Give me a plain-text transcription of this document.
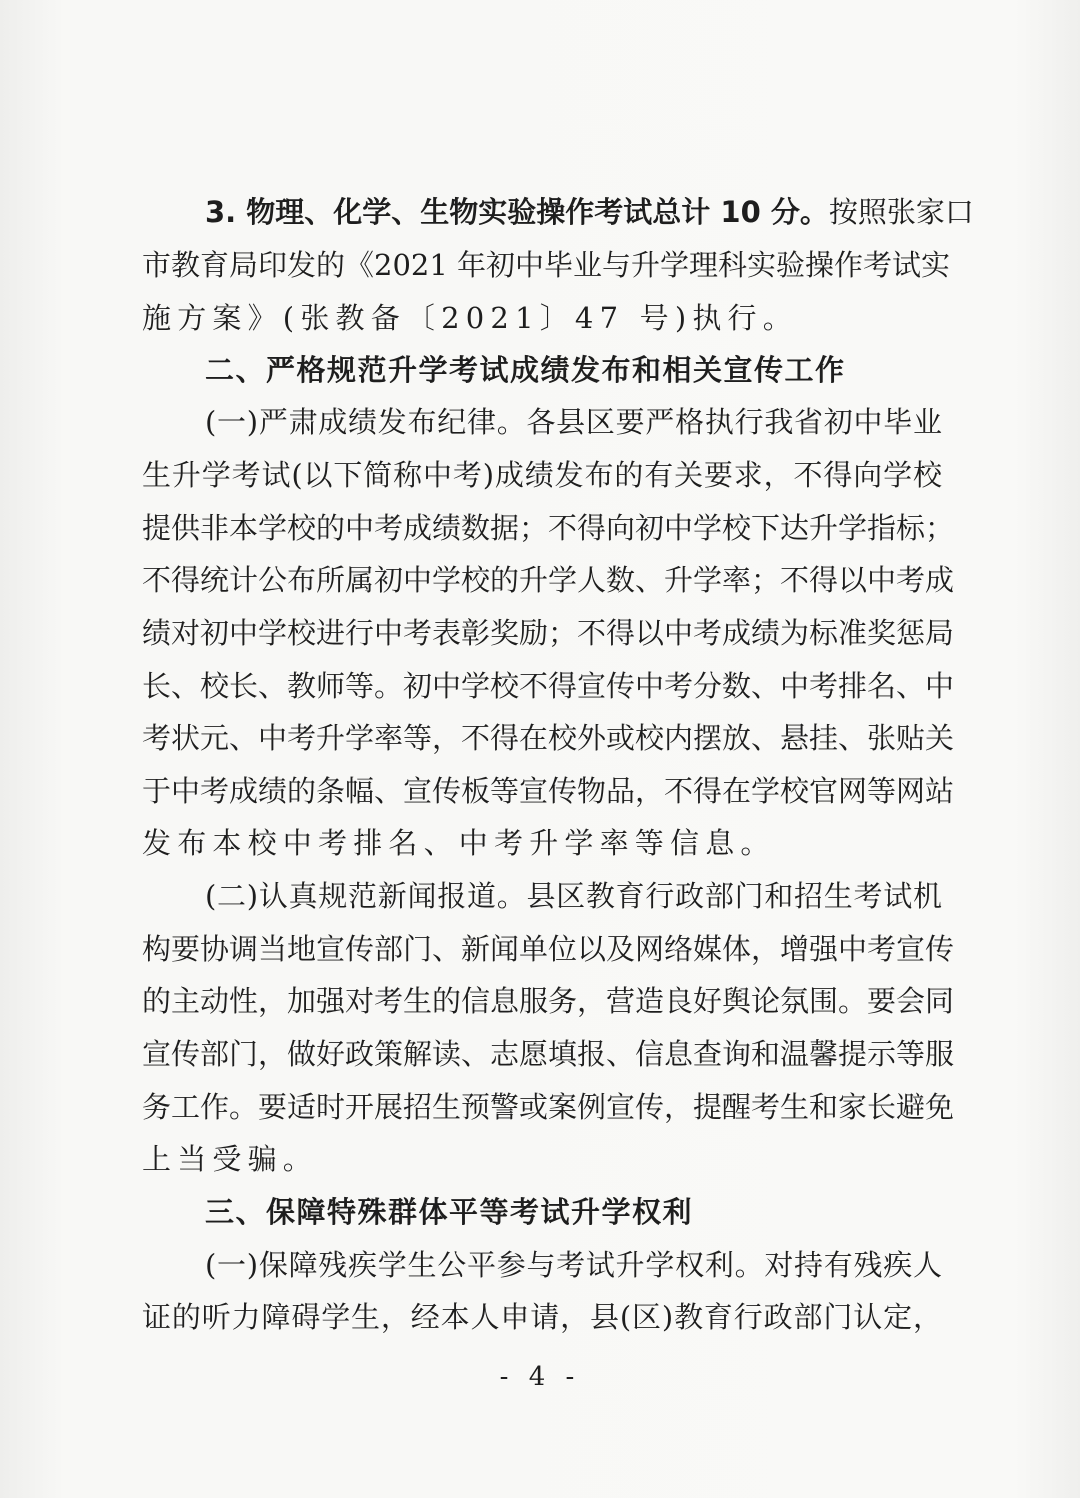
3. 物理、化学、生物实验操作考试总计 10 分。按照张家口
市教育局印发的《2021 年初中毕业与升学理科实验操作考试实
施方案》(张教备〔2021〕47 号)执行。
二、严格规范升学考试成绩发布和相关宣传工作
(一)严肃成绩发布纪律。各县区要严格执行我省初中毕业
生升学考试(以下简称中考)成绩发布的有关要求，不得向学校
提供非本学校的中考成绩数据；不得向初中学校下达升学指标；
不得统计公布所属初中学校的升学人数、升学率；不得以中考成
绩对初中学校进行中考表彰奖励；不得以中考成绩为标准奖惩局
长、校长、教师等。初中学校不得宣传中考分数、中考排名、中
考状元、中考升学率等，不得在校外或校内摆放、悬挂、张贴关
于中考成绩的条幅、宣传板等宣传物品，不得在学校官网等网站
发布本校中考排名、中考升学率等信息。
(二)认真规范新闻报道。县区教育行政部门和招生考试机
构要协调当地宣传部门、新闻单位以及网络媒体，增强中考宣传
的主动性，加强对考生的信息服务，营造良好舆论氛围。要会同
宣传部门，做好政策解读、志愿填报、信息查询和温馨提示等服
务工作。要适时开展招生预警或案例宣传，提醒考生和家长避免
上当受骗。
三、保障特殊群体平等考试升学权利
(一)保障残疾学生公平参与考试升学权利。对持有残疾人
证的听力障碍学生，经本人申请，县(区)教育行政部门认定，
- 4 -
